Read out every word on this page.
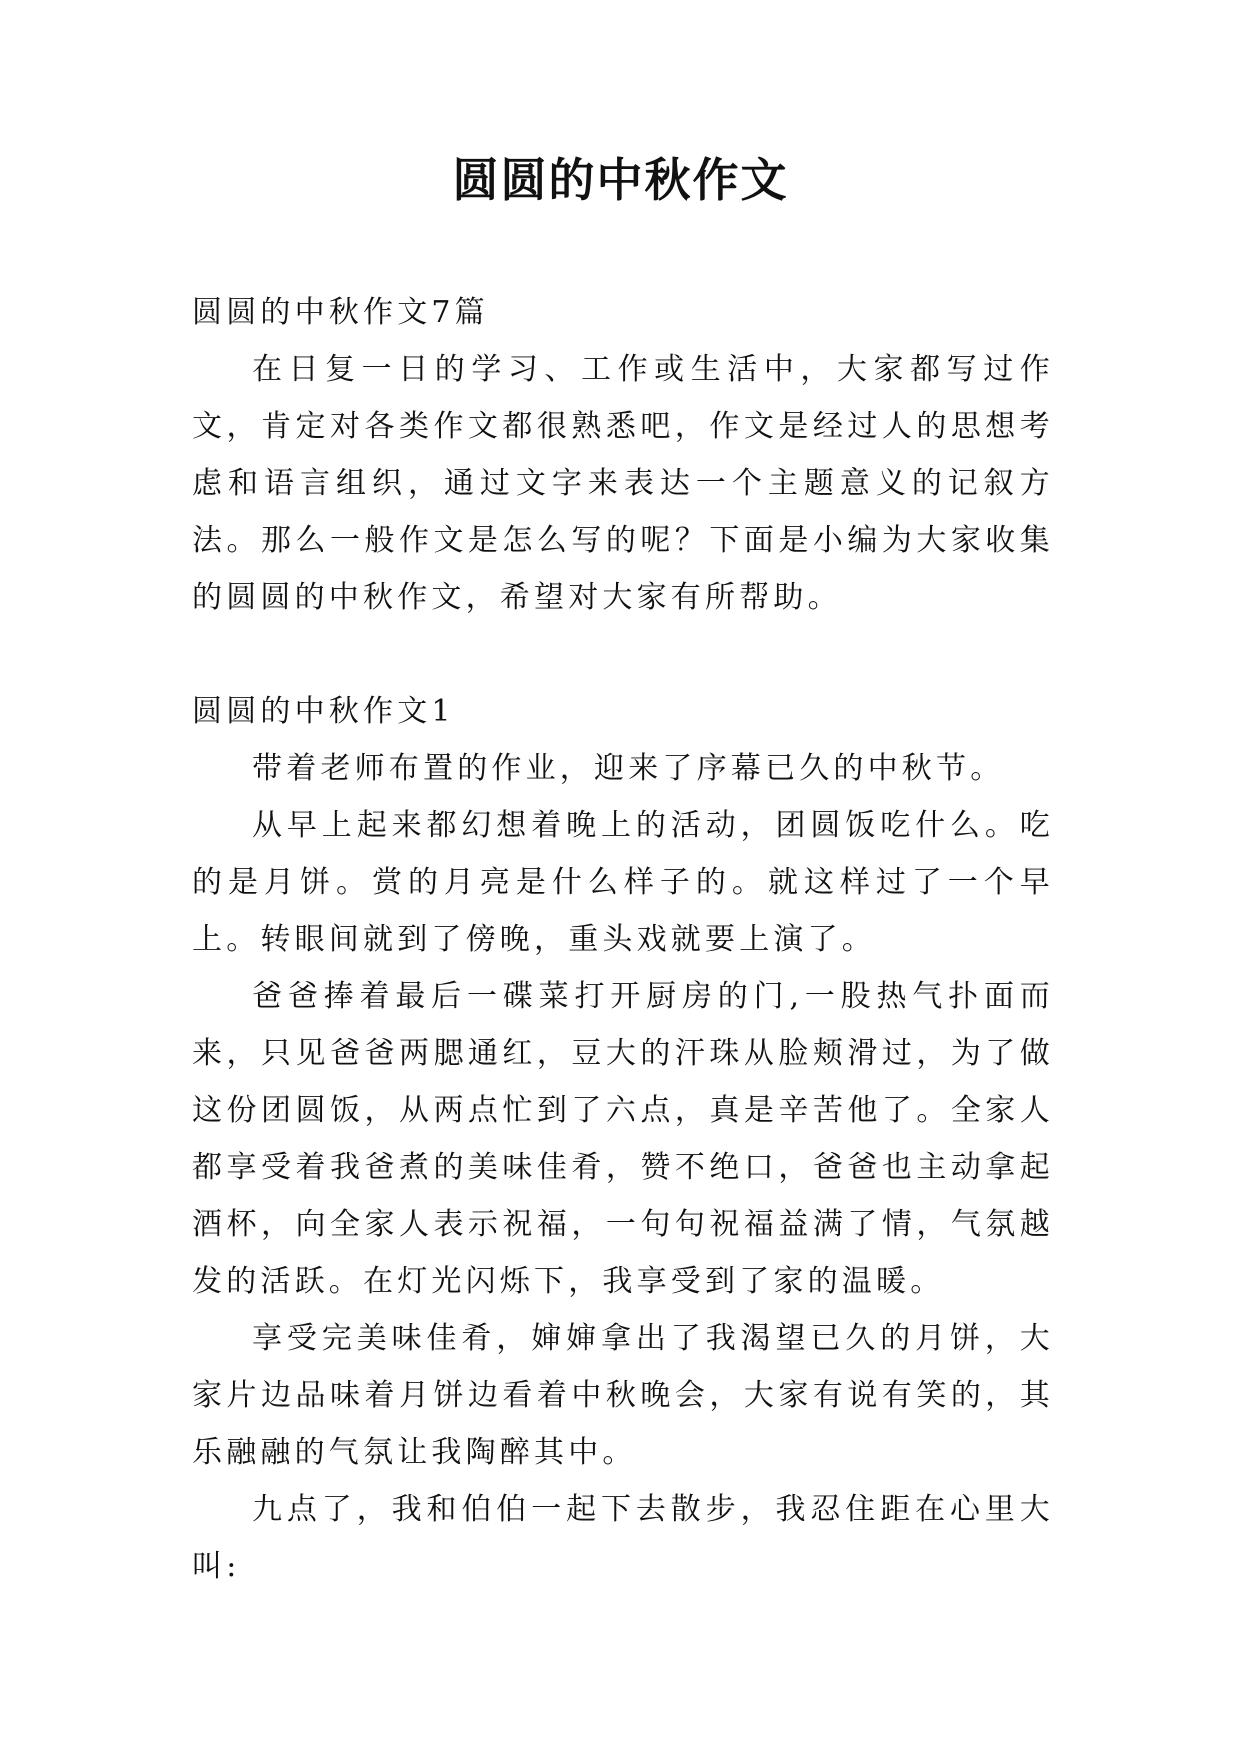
圆圆的中秋作文

圆圆的中秋作文7篇

在日复一日的学习、工作或生活中，大家都写过作文，肯定对各类作文都很熟悉吧，作文是经过人的思想考虑和语言组织，通过文字来表达一个主题意义的记叙方法。那么一般作文是怎么写的呢？下面是小编为大家收集的圆圆的中秋作文，希望对大家有所帮助。

圆圆的中秋作文1

带着老师布置的作业，迎来了序幕已久的中秋节。

从早上起来都幻想着晚上的活动，团圆饭吃什么。吃的是月饼。赏的月亮是什么样子的。就这样过了一个早上。转眼间就到了傍晚，重头戏就要上演了。

爸爸捧着最后一碟菜打开厨房的门,一股热气扑面而来，只见爸爸两腮通红，豆大的汗珠从脸颊滑过，为了做这份团圆饭，从两点忙到了六点，真是辛苦他了。全家人都享受着我爸煮的美味佳肴，赞不绝口，爸爸也主动拿起酒杯，向全家人表示祝福，一句句祝福益满了情，气氛越发的活跃。在灯光闪烁下，我享受到了家的温暖。

享受完美味佳肴，婶婶拿出了我渴望已久的月饼，大家片边品味着月饼边看着中秋晚会，大家有说有笑的，其乐融融的气氛让我陶醉其中。

九点了，我和伯伯一起下去散步，我忍住距在心里大叫:
